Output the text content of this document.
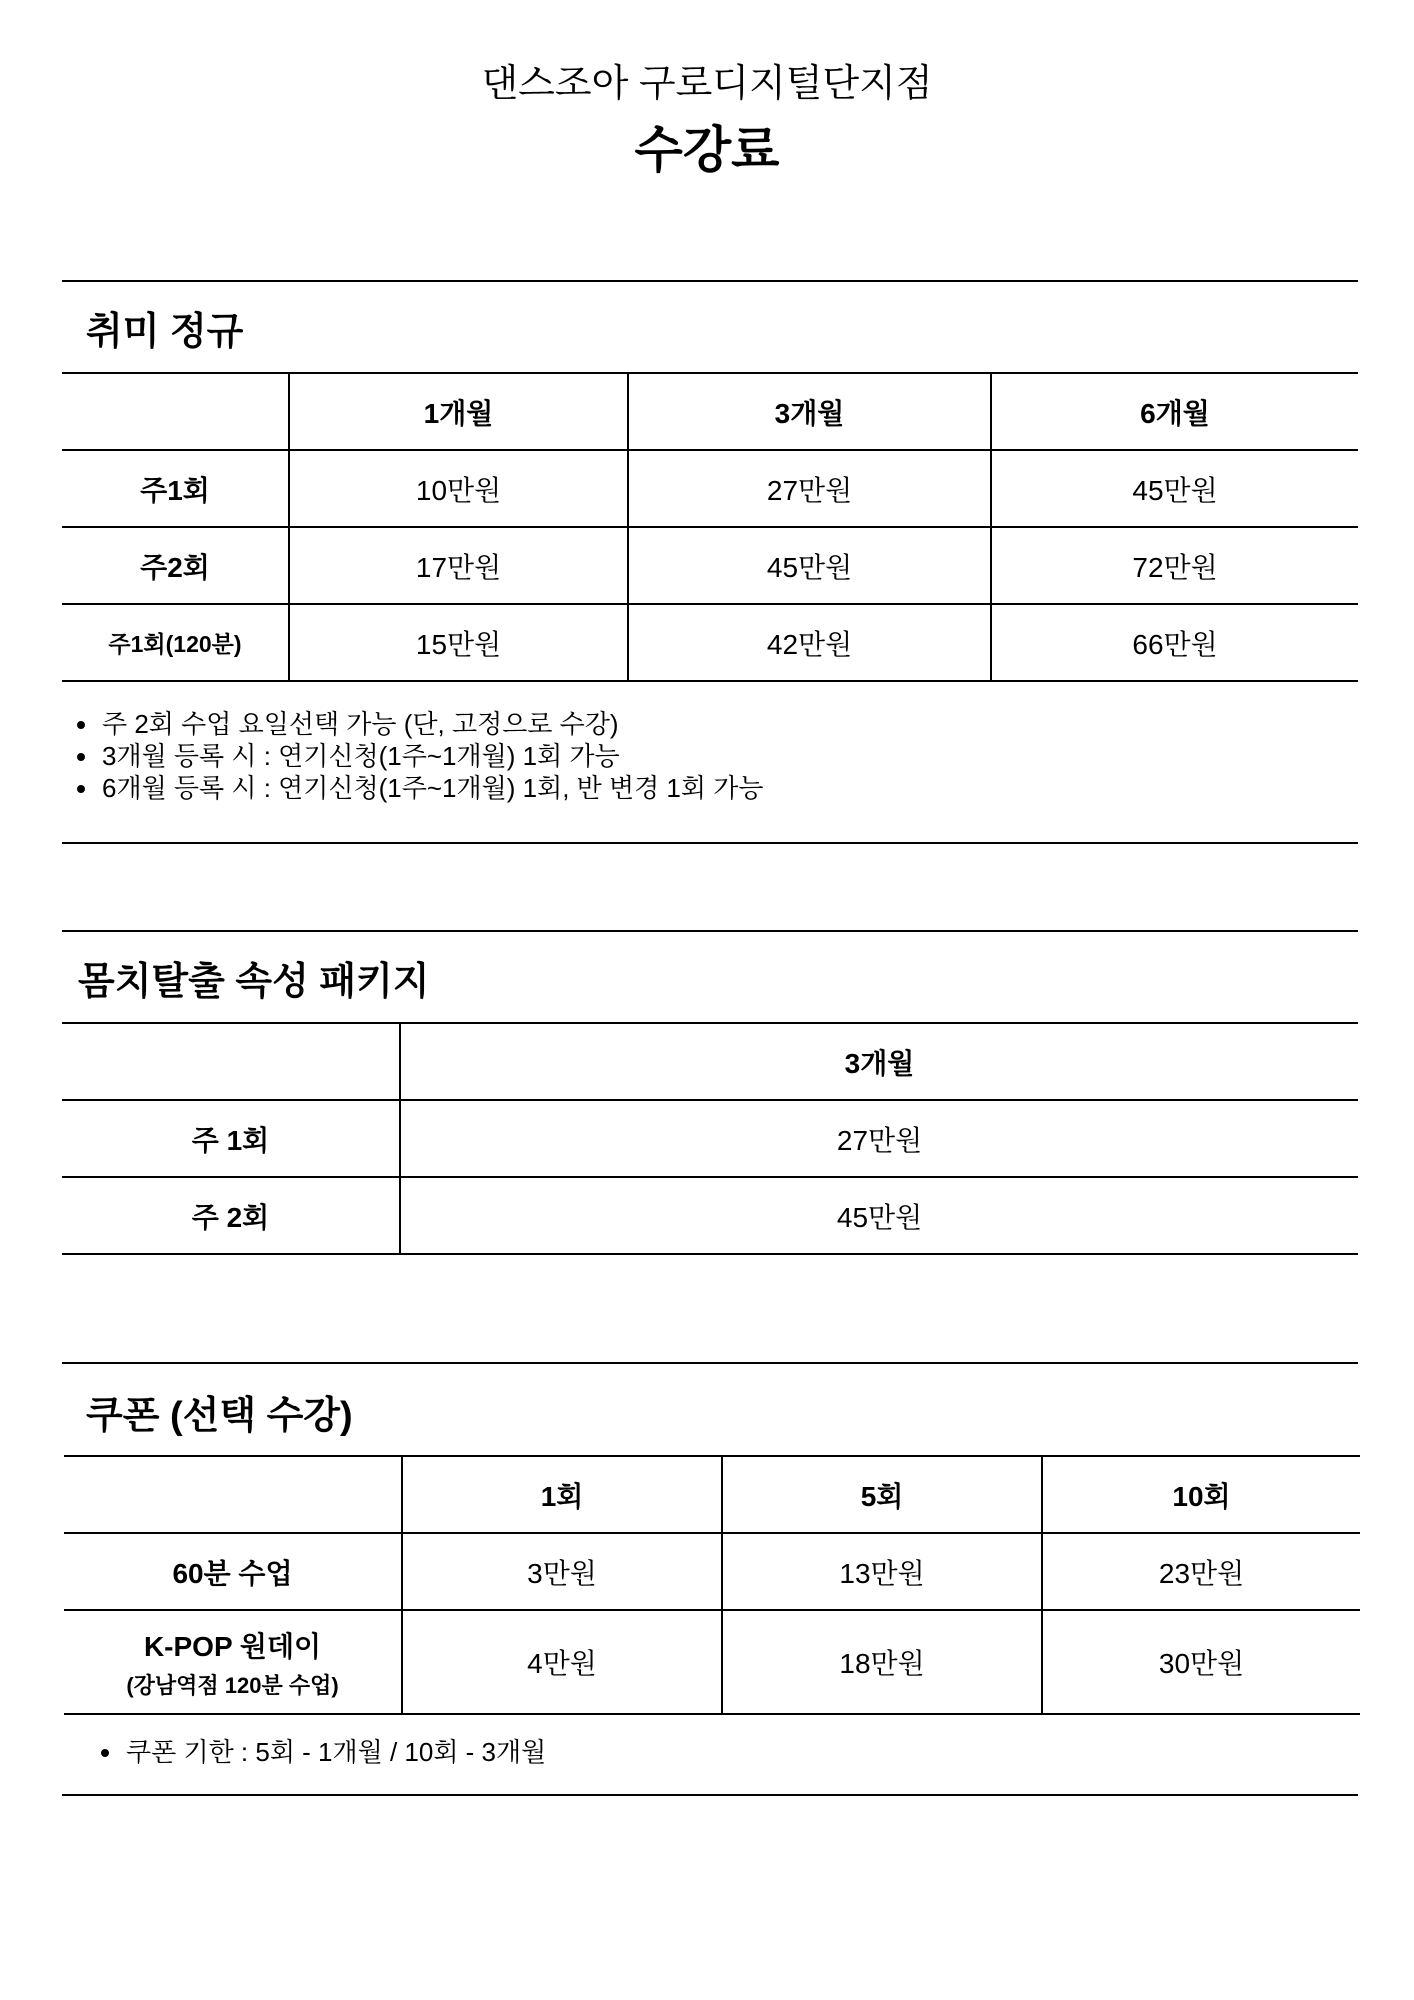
댄스조아 구로디지털단지점
수강료
취미 정규
	1개월	3개월	6개월
주1회	10만원	27만원	45만원
주2회	17만원	45만원	72만원
주1회(120분)	15만원	42만원	66만원
• 주 2회 수업 요일선택 가능 (단, 고정으로 수강)
• 3개월 등록 시 : 연기신청(1주~1개월) 1회 가능
• 6개월 등록 시 : 연기신청(1주~1개월) 1회, 반 변경 1회 가능
몸치탈출 속성 패키지
	3개월
주 1회	27만원
주 2회	45만원
쿠폰 (선택 수강)
	1회	5회	10회
60분 수업	3만원	13만원	23만원
K-POP 원데이
(강남역점 120분 수업)	4만원	18만원	30만원
• 쿠폰 기한 : 5회 - 1개월 / 10회 - 3개월
